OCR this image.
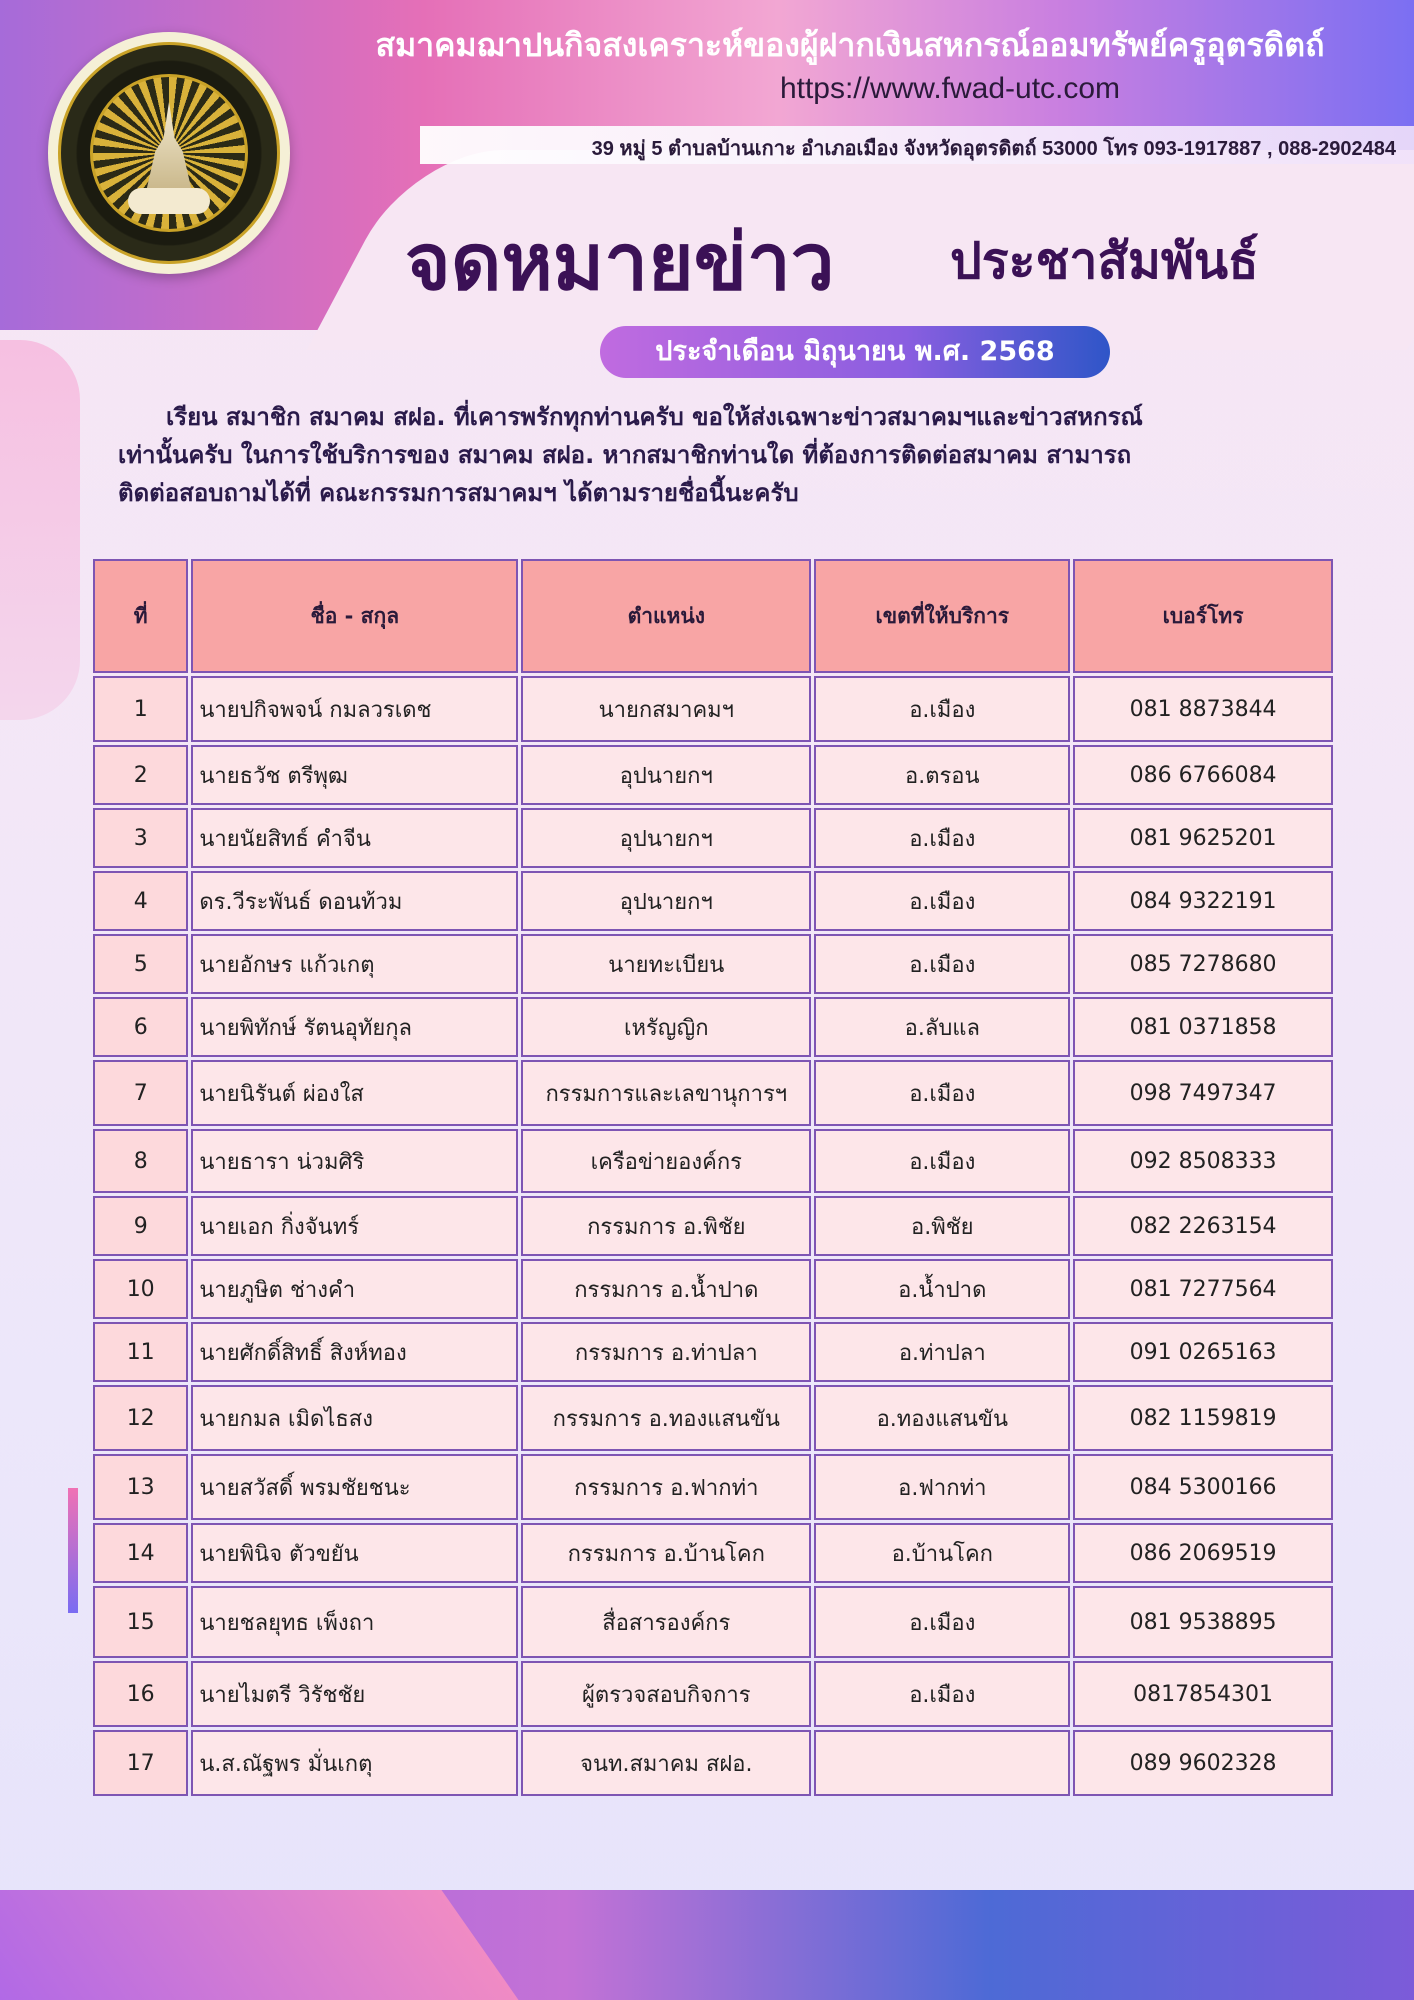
สมาคมฌาปนกิจสงเคราะห์ของผู้ฝากเงินสหกรณ์ออมทรัพย์ครูอุตรดิตถ์
https://www.fwad-utc.com
39 หมู่ 5 ตำบลบ้านเกาะ อำเภอเมือง จังหวัดอุตรดิตถ์ 53000 โทร 093-1917887 , 088-2902484
จดหมายข่าว ประชาสัมพันธ์
ประจำเดือน มิถุนายน พ.ศ. 2568

เรียน สมาชิก สมาคม สฝอ. ที่เคารพรักทุกท่านครับ ขอให้ส่งเฉพาะข่าวสมาคมฯและข่าวสหกรณ์

เท่านั้นครับ ในการใช้บริการของ สมาคม สฝอ. หากสมาชิกท่านใด ที่ต้องการติดต่อสมาคม สามารถ

ติดต่อสอบถามได้ที่ คณะกรรมการสมาคมฯ ได้ตามรายชื่อนี้นะครับ

ที่	ชื่อ - สกุล	ตำแหน่ง	เขตที่ให้บริการ	เบอร์โทร
1	นายปกิจพจน์ กมลวรเดช	นายกสมาคมฯ	อ.เมือง	081 8873844
2	นายธวัช ตรีพุฒ	อุปนายกฯ	อ.ตรอน	086 6766084
3	นายนัยสิทธ์ คำจีน	อุปนายกฯ	อ.เมือง	081 9625201
4	ดร.วีระพันธ์ ดอนท้วม	อุปนายกฯ	อ.เมือง	084 9322191
5	นายอักษร แก้วเกตุ	นายทะเบียน	อ.เมือง	085 7278680
6	นายพิทักษ์ รัตนอุทัยกุล	เหรัญญิก	อ.ลับแล	081 0371858
7	นายนิรันต์ ผ่องใส	กรรมการและเลขานุการฯ	อ.เมือง	098 7497347
8	นายธารา น่วมศิริ	เครือข่ายองค์กร	อ.เมือง	092 8508333
9	นายเอก กิ่งจันทร์	กรรมการ อ.พิชัย	อ.พิชัย	082 2263154
10	นายภูษิต ช่างคำ	กรรมการ อ.น้ำปาด	อ.น้ำปาด	081 7277564
11	นายศักดิ์สิทธิ์ สิงห์ทอง	กรรมการ อ.ท่าปลา	อ.ท่าปลา	091 0265163
12	นายกมล เมิดไธสง	กรรมการ อ.ทองแสนขัน	อ.ทองแสนขัน	082 1159819
13	นายสวัสดิ์ พรมชัยชนะ	กรรมการ อ.ฟากท่า	อ.ฟากท่า	084 5300166
14	นายพินิจ ตัวขยัน	กรรมการ อ.บ้านโคก	อ.บ้านโคก	086 2069519
15	นายชลยุทธ เพ็งถา	สื่อสารองค์กร	อ.เมือง	081 9538895
16	นายไมตรี วิรัชชัย	ผู้ตรวจสอบกิจการ	อ.เมือง	0817854301
17	น.ส.ณัฐพร มั่นเกตุ	จนท.สมาคม สฝอ.		089 9602328
